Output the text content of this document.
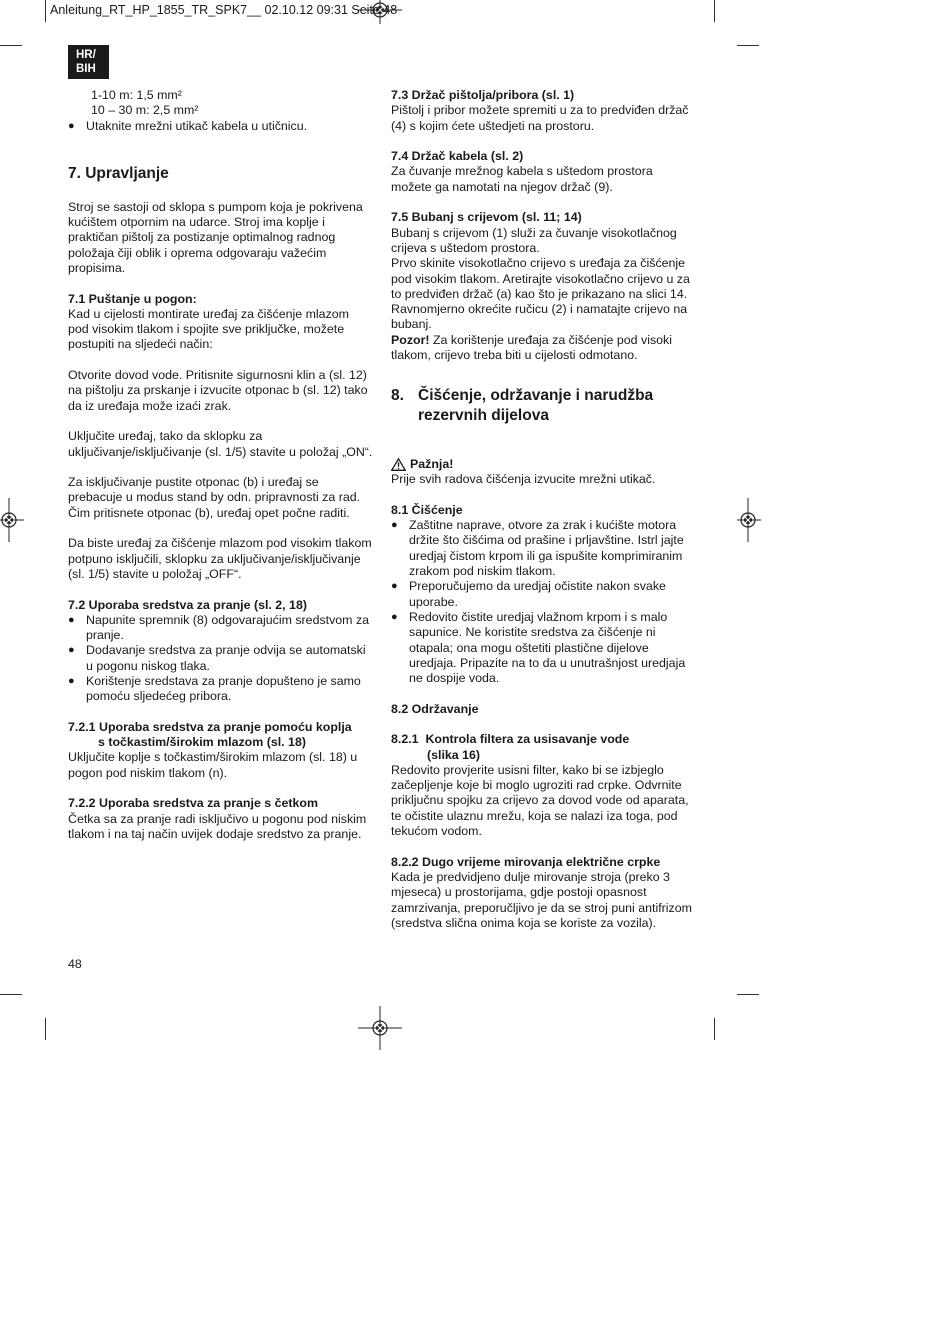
Anleitung_RT_HP_1855_TR_SPK7__ 02.10.12 09:31 Seite 48
HR/
BIH

1-10 m: 1,5 mm²

10 – 30 m: 2,5 mm²

● Utaknite mrežni utikač kabela u utičnicu.

7. Upravljanje

Stroj se sastoji od sklopa s pumpom koja je pokrivena kućištem otpornim na udarce. Stroj ima koplje i praktičan pištolj za postizanje optimalnog radnog položaja čiji oblik i oprema odgovaraju važećim propisima.

7.1 Puštanje u pogon:

Kad u cijelosti montirate uređaj za čišćenje mlazom pod visokim tlakom i spojite sve priključke, možete postupiti na sljedeći način:

Otvorite dovod vode. Pritisnite sigurnosni klin a (sl. 12) na pištolju za prskanje i izvucite otponac b (sl. 12) tako da iz uređaja može izaći zrak.

Uključite uređaj, tako da sklopku za uključivanje/isključivanje (sl. 1/5) stavite u položaj „ON“.

Za isključivanje pustite otponac (b) i uređaj se prebacuje u modus stand by odn. pripravnosti za rad. Čim pritisnete otponac (b), uređaj opet počne raditi.

Da biste uređaj za čišćenje mlazom pod visokim tlakom potpuno isključili, sklopku za uključivanje/isključivanje (sl. 1/5) stavite u položaj „OFF“.

7.2 Uporaba sredstva za pranje (sl. 2, 18)

● Napunite spremnik (8) odgovarajućim sredstvom za pranje.

● Dodavanje sredstva za pranje odvija se automatski u pogonu niskog tlaka.

● Korištenje sredstava za pranje dopušteno je samo pomoću sljedećeg pribora.

7.2.1 Uporaba sredstva za pranje pomoću koplja

s točkastim/širokim mlazom (sl. 18)

Uključite koplje s točkastim/širokim mlazom (sl. 18) u pogon pod niskim tlakom (n).

7.2.2 Uporaba sredstva za pranje s četkom

Četka sa za pranje radi isključivo u pogonu pod niskim tlakom i na taj način uvijek dodaje sredstvo za pranje.

7.3 Držač pištolja/pribora (sl. 1)

Pištolj i pribor možete spremiti u za to predviđen držač (4) s kojim ćete uštedjeti na prostoru.

7.4 Držač kabela (sl. 2)

Za čuvanje mrežnog kabela s uštedom prostora možete ga namotati na njegov držač (9).

7.5 Bubanj s crijevom (sl. 11; 14)

Bubanj s crijevom (1) služi za čuvanje visokotlačnog crijeva s uštedom prostora.

Prvo skinite visokotlačno crijevo s uređaja za čišćenje pod visokim tlakom. Aretirajte visokotlačno crijevo u za to predviđen držač (a) kao što je prikazano na slici 14. Ravnomjerno okrećite ručicu (2) i namatajte crijevo na bubanj.

Pozor! Za korištenje uređaja za čišćenje pod visoki tlakom, crijevo treba biti u cijelosti odmotano.

8. Čišćenje, održavanje i narudžba

rezervnih dijelova

Pažnja!

Prije svih radova čišćenja izvucite mrežni utikač.

8.1 Čišćenje

● Zaštitne naprave, otvore za zrak i kućište motora držite što čišćima od prašine i prljavštine. Istrl jajte uredjaj čistom krpom ili ga ispušite komprimiranim zrakom pod niskim tlakom.

● Preporučujemo da uredjaj očistite nakon svake uporabe.

● Redovito čistite uredjaj vlažnom krpom i s malo sapunice. Ne koristite sredstva za čišćenje ni otapala; ona mogu oštetiti plastične dijelove uredjaja. Pripazite na to da u unutrašnjost uredjaja ne dospije voda.

8.2 Održavanje

8.2.1  Kontrola filtera za usisavanje vode

(slika 16)

Redovito provjerite usisni filter, kako bi se izbjeglo začepljenje koje bi moglo ugroziti rad crpke. Odvrnite priključnu spojku za crijevo za dovod vode od aparata, te očistite ulaznu mrežu, koja se nalazi iza toga, pod tekućom vodom.

8.2.2 Dugo vrijeme mirovanja električne crpke

Kada je predvidjeno dulje mirovanje stroja (preko 3 mjeseca) u prostorijama, gdje postoji opasnost zamrzivanja, preporučljivo je da se stroj puni antifrizom (sredstva slična onima koja se koriste za vozila).

48
